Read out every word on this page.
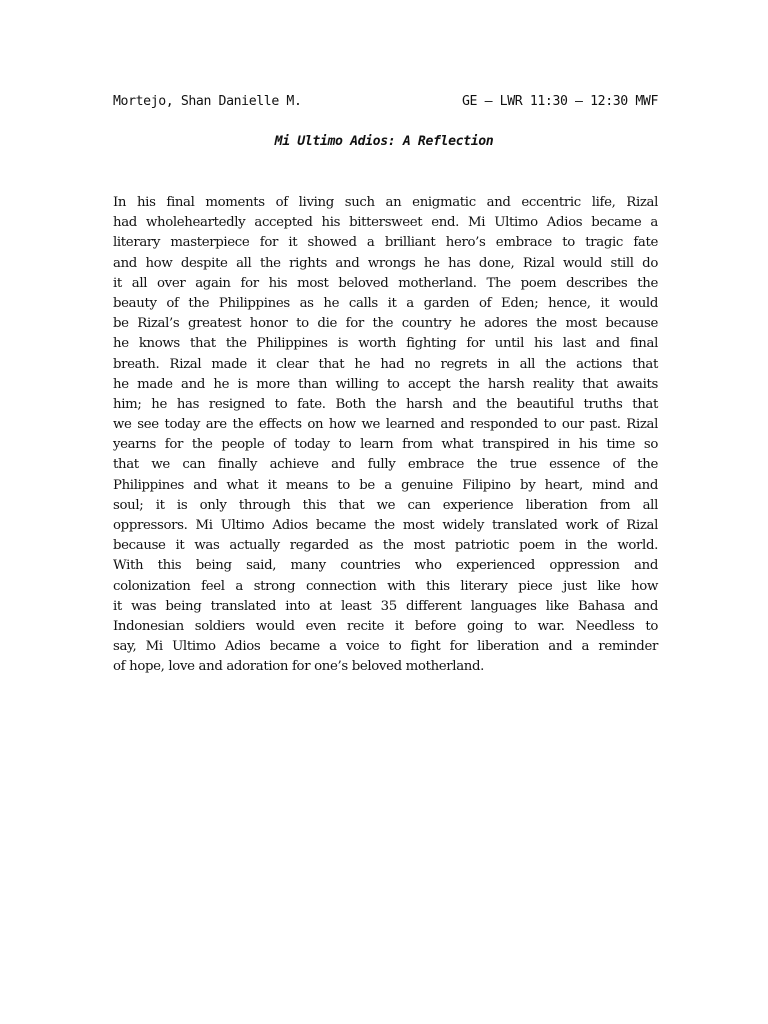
Mortejo, Shan Danielle M.	GE – LWR 11:30 – 12:30 MWF
Mi Ultimo Adios: A Reflection
In his final moments of living such an enigmatic and eccentric life, Rizal
had wholeheartedly accepted his bittersweet end. Mi Ultimo Adios became a
literary masterpiece for it showed a brilliant hero’s embrace to tragic fate
and how despite all the rights and wrongs he has done, Rizal would still do
it all over again for his most beloved motherland. The poem describes the
beauty of the Philippines as he calls it a garden of Eden; hence, it would
be Rizal’s greatest honor to die for the country he adores the most because
he knows that the Philippines is worth fighting for until his last and final
breath. Rizal made it clear that he had no regrets in all the actions that
he made and he is more than willing to accept the harsh reality that awaits
him; he has resigned to fate. Both the harsh and the beautiful truths that
we see today are the effects on how we learned and responded to our past. Rizal
yearns for the people of today to learn from what transpired in his time so
that we can finally achieve and fully embrace the true essence of the
Philippines and what it means to be a genuine Filipino by heart, mind and
soul; it is only through this that we can experience liberation from all
oppressors. Mi Ultimo Adios became the most widely translated work of Rizal
because it was actually regarded as the most patriotic poem in the world.
With this being said, many countries who experienced oppression and
colonization feel a strong connection with this literary piece just like how
it was being translated into at least 35 different languages like Bahasa and
Indonesian soldiers would even recite it before going to war. Needless to
say, Mi Ultimo Adios became a voice to fight for liberation and a reminder
of hope, love and adoration for one’s beloved motherland.
